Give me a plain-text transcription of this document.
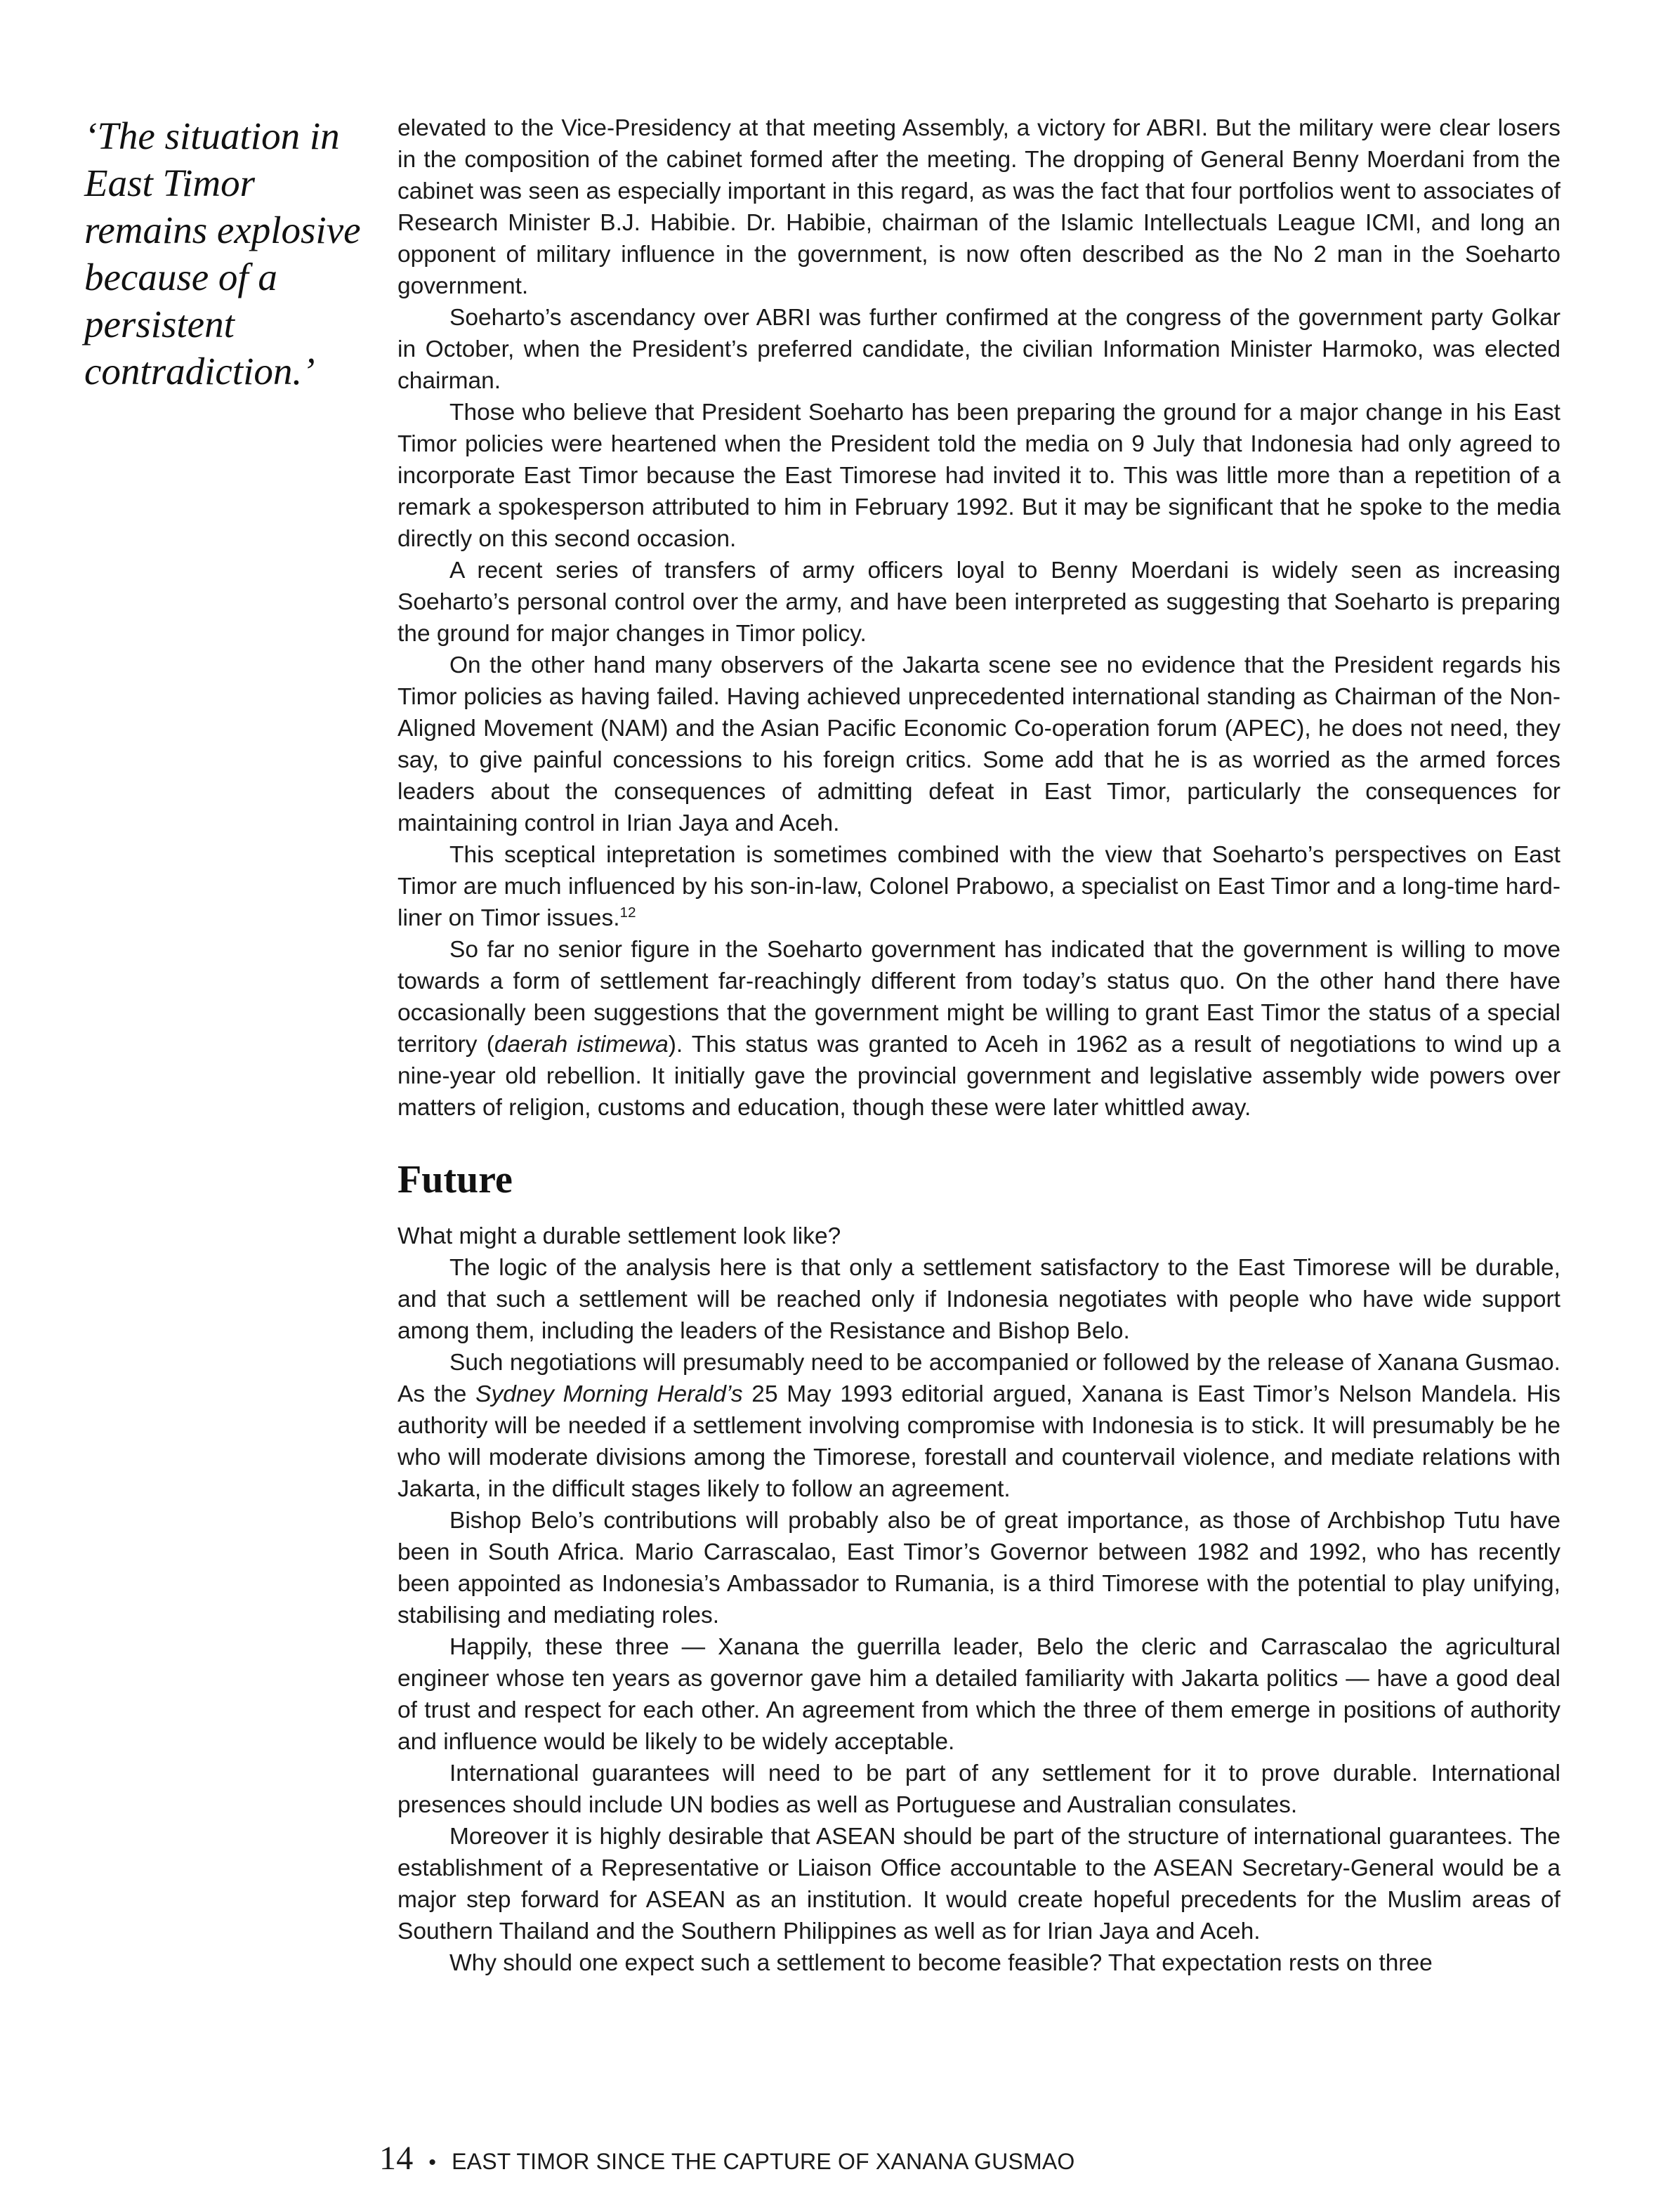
‘The situation in East Timor remains explosive because of a persistent contradiction.’

elevated to the Vice-Presidency at that meeting Assembly, a victory for ABRI. But the military were clear losers in the composition of the cabinet formed after the meeting. The dropping of General Benny Moerdani from the cabinet was seen as especially important in this regard, as was the fact that four portfolios went to associates of Research Minister B.J. Habibie. Dr. Habibie, chairman of the Islamic Intellectuals League ICMI, and long an opponent of military influence in the government, is now often described as the No 2 man in the Soeharto government.

Soeharto’s ascendancy over ABRI was further confirmed at the congress of the government party Golkar in October, when the President’s preferred candidate, the civilian Information Minister Harmoko, was elected chairman.

Those who believe that President Soeharto has been preparing the ground for a major change in his East Timor policies were heartened when the President told the media on 9 July that Indonesia had only agreed to incorporate East Timor because the East Timorese had invited it to. This was little more than a repetition of a remark a spokesperson attributed to him in February 1992. But it may be significant that he spoke to the media directly on this second occasion.

A recent series of transfers of army officers loyal to Benny Moerdani is widely seen as increasing Soeharto’s personal control over the army, and have been interpreted as suggesting that Soeharto is preparing the ground for major changes in Timor policy.

On the other hand many observers of the Jakarta scene see no evidence that the President regards his Timor policies as having failed. Having achieved unprecedented international standing as Chairman of the Non-Aligned Movement (NAM) and the Asian Pacific Economic Co-operation forum (APEC), he does not need, they say, to give painful concessions to his foreign critics. Some add that he is as worried as the armed forces leaders about the consequences of admitting defeat in East Timor, particularly the consequences for maintaining control in Irian Jaya and Aceh.

This sceptical intepretation is sometimes combined with the view that Soeharto’s perspectives on East Timor are much influenced by his son-in-law, Colonel Prabowo, a specialist on East Timor and a long-time hard-liner on Timor issues.$^{12}$

So far no senior figure in the Soeharto government has indicated that the government is willing to move towards a form of settlement far-reachingly different from today’s status quo. On the other hand there have occasionally been suggestions that the government might be willing to grant East Timor the status of a special territory (daerah istimewa). This status was granted to Aceh in 1962 as a result of negotiations to wind up a nine-year old rebellion. It initially gave the provincial government and legislative assembly wide powers over matters of religion, customs and education, though these were later whittled away.

Future

What might a durable settlement look like?

The logic of the analysis here is that only a settlement satisfactory to the East Timorese will be durable, and that such a settlement will be reached only if Indonesia negotiates with people who have wide support among them, including the leaders of the Resistance and Bishop Belo.

Such negotiations will presumably need to be accompanied or followed by the release of Xanana Gusmao. As the Sydney Morning Herald’s 25 May 1993 editorial argued, Xanana is East Timor’s Nelson Mandela. His authority will be needed if a settlement involving compromise with Indonesia is to stick. It will presumably be he who will moderate divisions among the Timorese, forestall and countervail violence, and mediate relations with Jakarta, in the difficult stages likely to follow an agreement.

Bishop Belo’s contributions will probably also be of great importance, as those of Archbishop Tutu have been in South Africa. Mario Carrascalao, East Timor’s Governor between 1982 and 1992, who has recently been appointed as Indonesia’s Ambassador to Rumania, is a third Timorese with the potential to play unifying, stabilising and mediating roles.

Happily, these three — Xanana the guerrilla leader, Belo the cleric and Carrascalao the agricultural engineer whose ten years as governor gave him a detailed familiarity with Jakarta politics — have a good deal of trust and respect for each other. An agreement from which the three of them emerge in positions of authority and influence would be likely to be widely acceptable.

International guarantees will need to be part of any settlement for it to prove durable. International presences should include UN bodies as well as Portuguese and Australian consulates.

Moreover it is highly desirable that ASEAN should be part of the structure of international guarantees. The establishment of a Representative or Liaison Office accountable to the ASEAN Secretary-General would be a major step forward for ASEAN as an institution. It would create hopeful precedents for the Muslim areas of Southern Thailand and the Southern Philippines as well as for Irian Jaya and Aceh.

Why should one expect such a settlement to become feasible? That expectation rests on three

14 • EAST TIMOR SINCE THE CAPTURE OF XANANA GUSMAO
